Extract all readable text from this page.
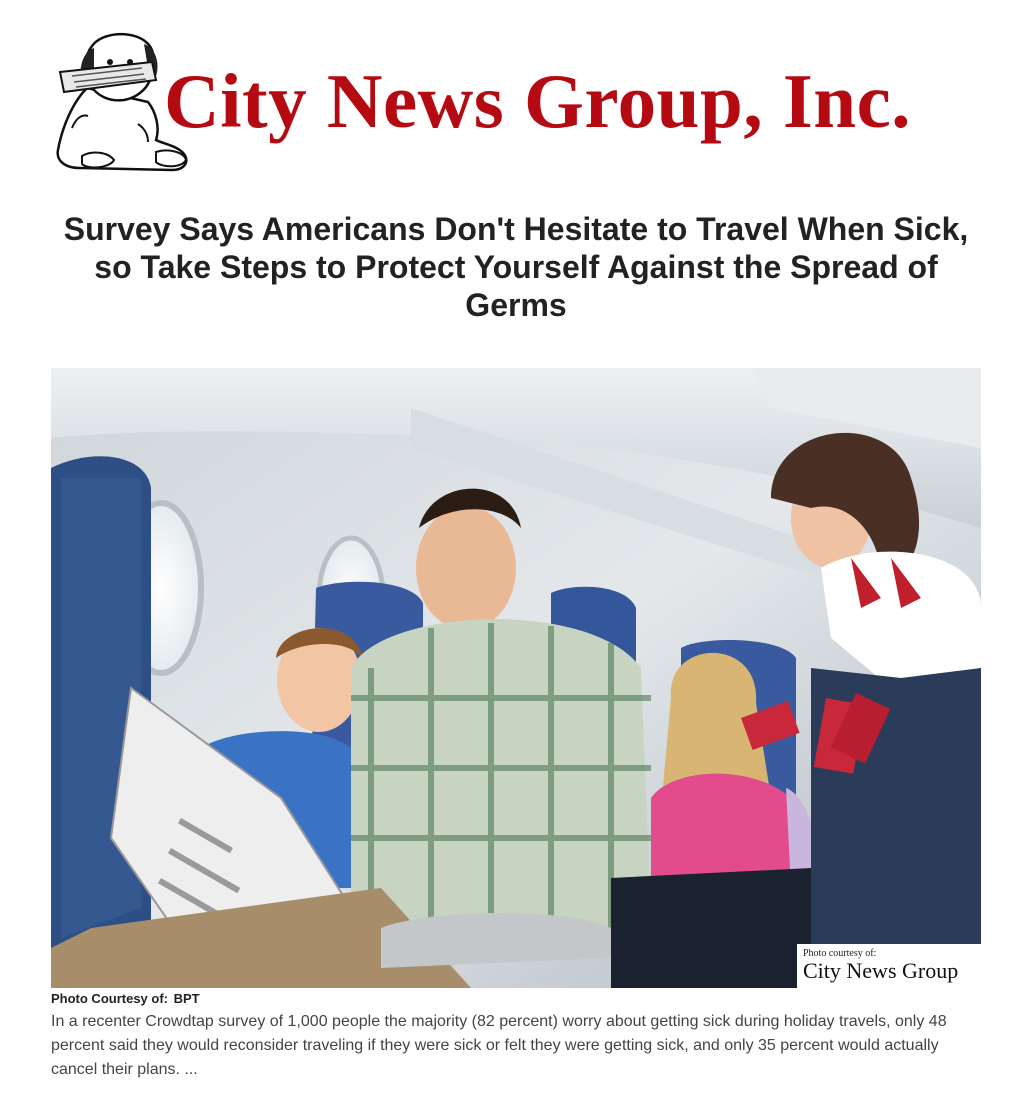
City News Group, Inc.
Survey Says Americans Don't Hesitate to Travel When Sick, so Take Steps to Protect Yourself Against the Spread of Germs
Photo courtesy of:
City News Group
Photo Courtesy of: BPT

In a recenter Crowdtap survey of 1,000 people the majority (82 percent) worry about getting sick during holiday travels, only 48 percent said they would reconsider traveling if they were sick or felt they were getting sick, and only 35 percent would actually cancel their plans. ...
